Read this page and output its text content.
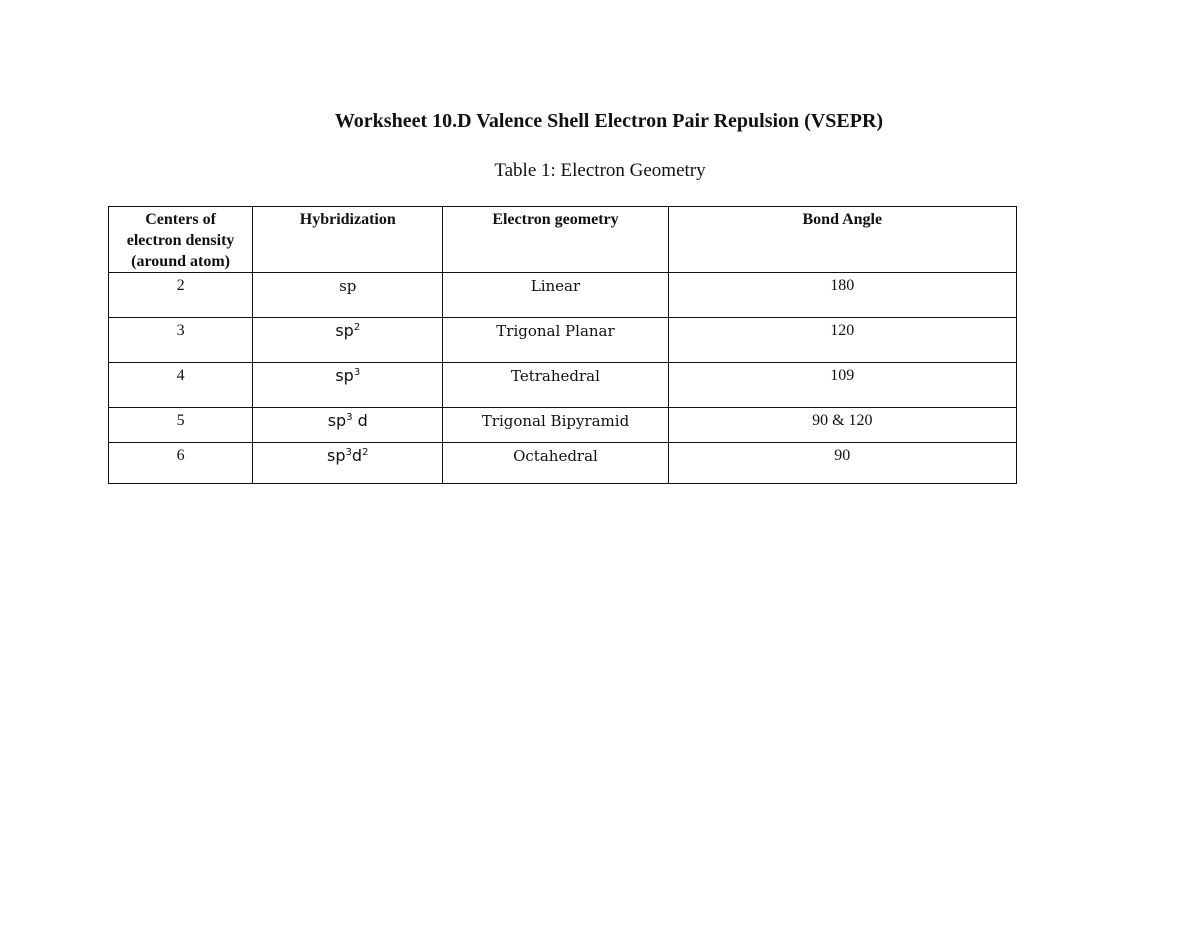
Worksheet 10.D Valence Shell Electron Pair Repulsion (VSEPR)
Table 1: Electron Geometry
Centers of
electron density
(around atom)	Hybridization	Electron geometry	Bond Angle
2	sp	Linear	180
3	$sp^2$	Trigonal Planar	120
4	$sp^3$	Tetrahedral	109
5	$sp^3$ d	Trigonal Bipyramid	90 & 120
6	$sp^3d^2$	Octahedral	90
